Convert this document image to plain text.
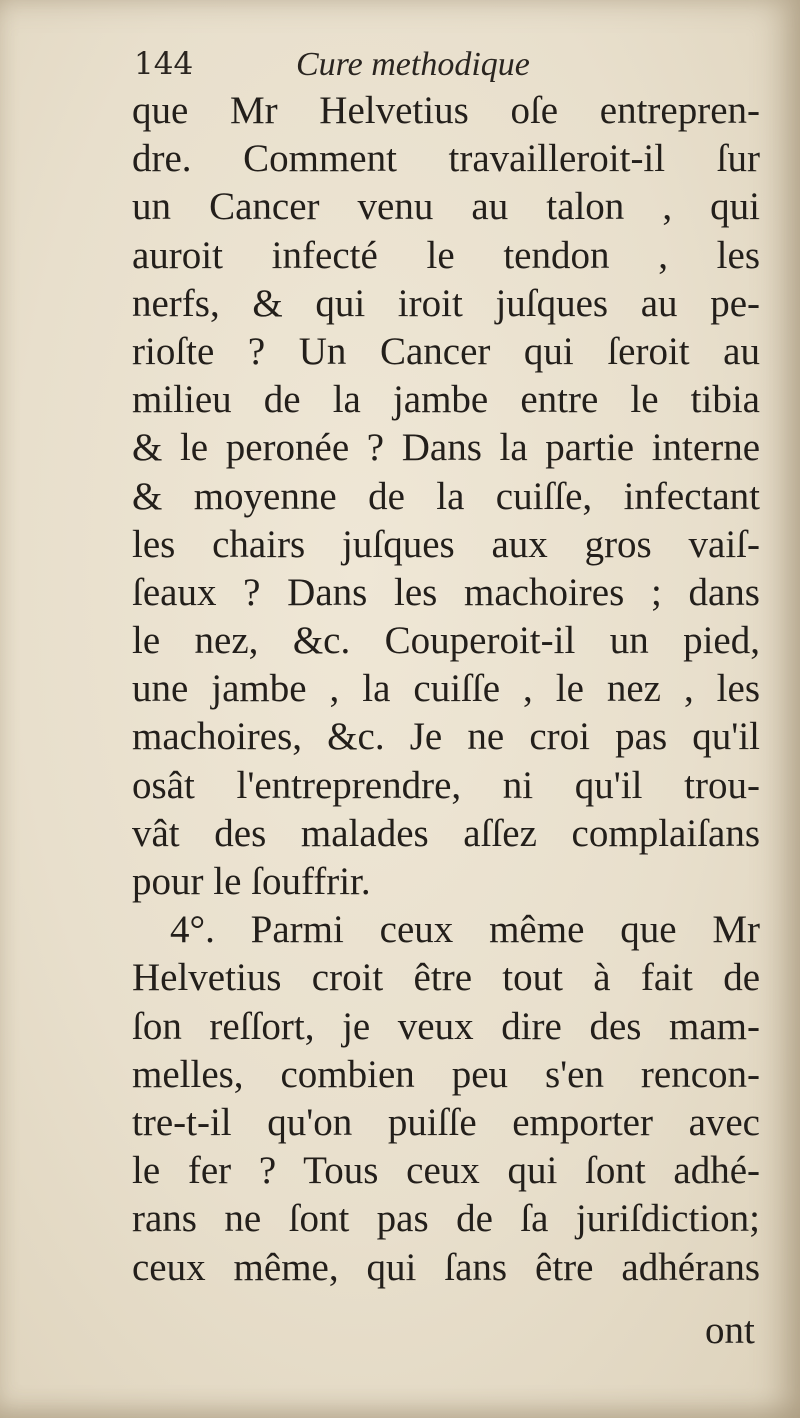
144	Cure methodique
que Mr Helvetius oſe entrepren-
dre. Comment travailleroit-il ſur
un Cancer venu au talon , qui
auroit infecté le tendon , les
nerfs, & qui iroit juſques au pe-
rioſte ? Un Cancer qui ſeroit au
milieu de la jambe entre le tibia
& le peronée ? Dans la partie interne
& moyenne de la cuiſſe, infectant
les chairs juſques aux gros vaiſ-
ſeaux ? Dans les machoires ; dans
le nez, &c. Couperoit-il un pied,
une jambe , la cuiſſe , le nez , les
machoires, &c. Je ne croi pas qu'il
osât l'entreprendre, ni qu'il trou-
vât des malades aſſez complaiſans
pour le ſouffrir.
4°. Parmi ceux même que Mr
Helvetius croit être tout à fait de
ſon reſſort, je veux dire des mam-
melles, combien peu s'en rencon-
tre-t-il qu'on puiſſe emporter avec
le fer ? Tous ceux qui ſont adhé-
rans ne ſont pas de ſa juriſdiction;
ceux même, qui ſans être adhérans
ont
